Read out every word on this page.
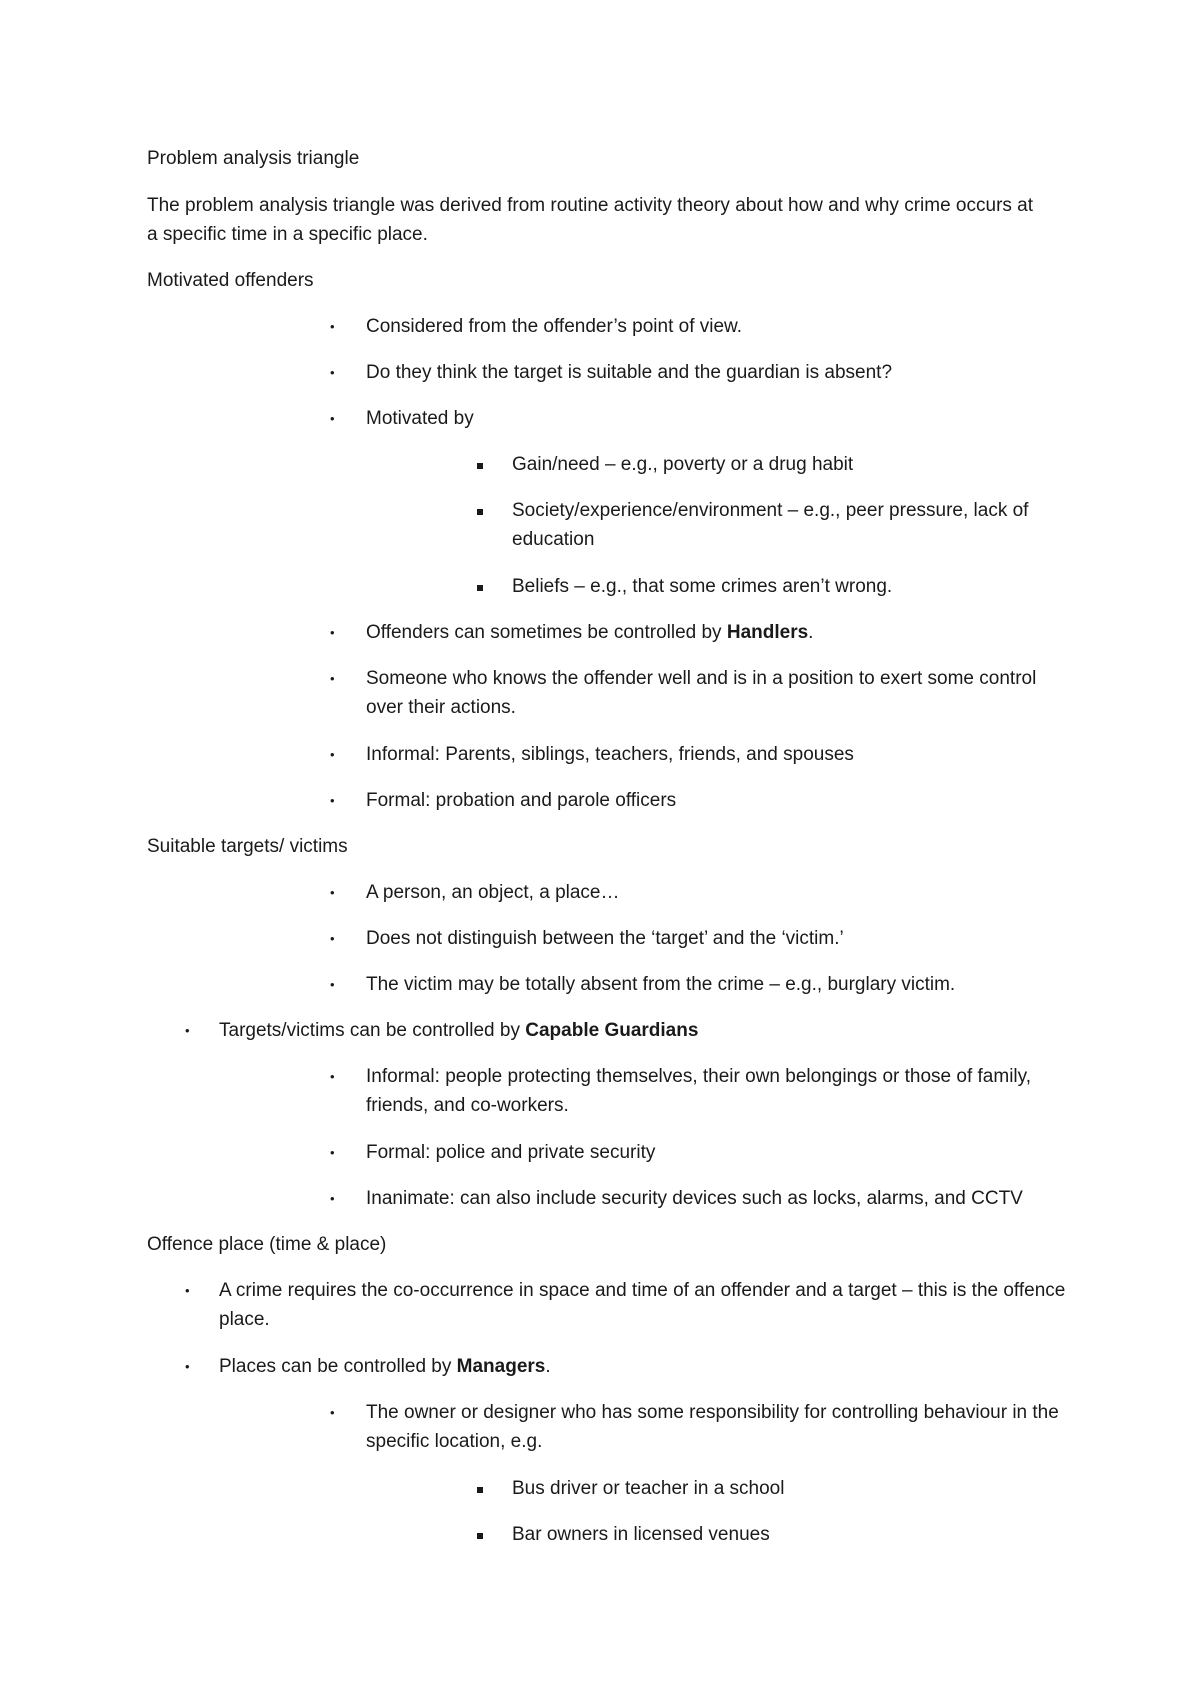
Problem analysis triangle
The problem analysis triangle was derived from routine activity theory about how and why crime occurs at a specific time in a specific place.
Motivated offenders
• Considered from the offender’s point of view.
• Do they think the target is suitable and the guardian is absent?
• Motivated by
Gain/need – e.g., poverty or a drug habit
Society/experience/environment – e.g., peer pressure, lack of education
Beliefs – e.g., that some crimes aren’t wrong.
• Offenders can sometimes be controlled by Handlers.
• Someone who knows the offender well and is in a position to exert some control over their actions.
• Informal: Parents, siblings, teachers, friends, and spouses
• Formal: probation and parole officers
Suitable targets/ victims
• A person, an object, a place…
• Does not distinguish between the ‘target’ and the ‘victim.’
• The victim may be totally absent from the crime – e.g., burglary victim.
• Targets/victims can be controlled by Capable Guardians
• Informal: people protecting themselves, their own belongings or those of family, friends, and co-workers.
• Formal: police and private security
• Inanimate: can also include security devices such as locks, alarms, and CCTV
Offence place (time & place)
• A crime requires the co-occurrence in space and time of an offender and a target – this is the offence place.
• Places can be controlled by Managers.
• The owner or designer who has some responsibility for controlling behaviour in the specific location, e.g.
Bus driver or teacher in a school
Bar owners in licensed venues
